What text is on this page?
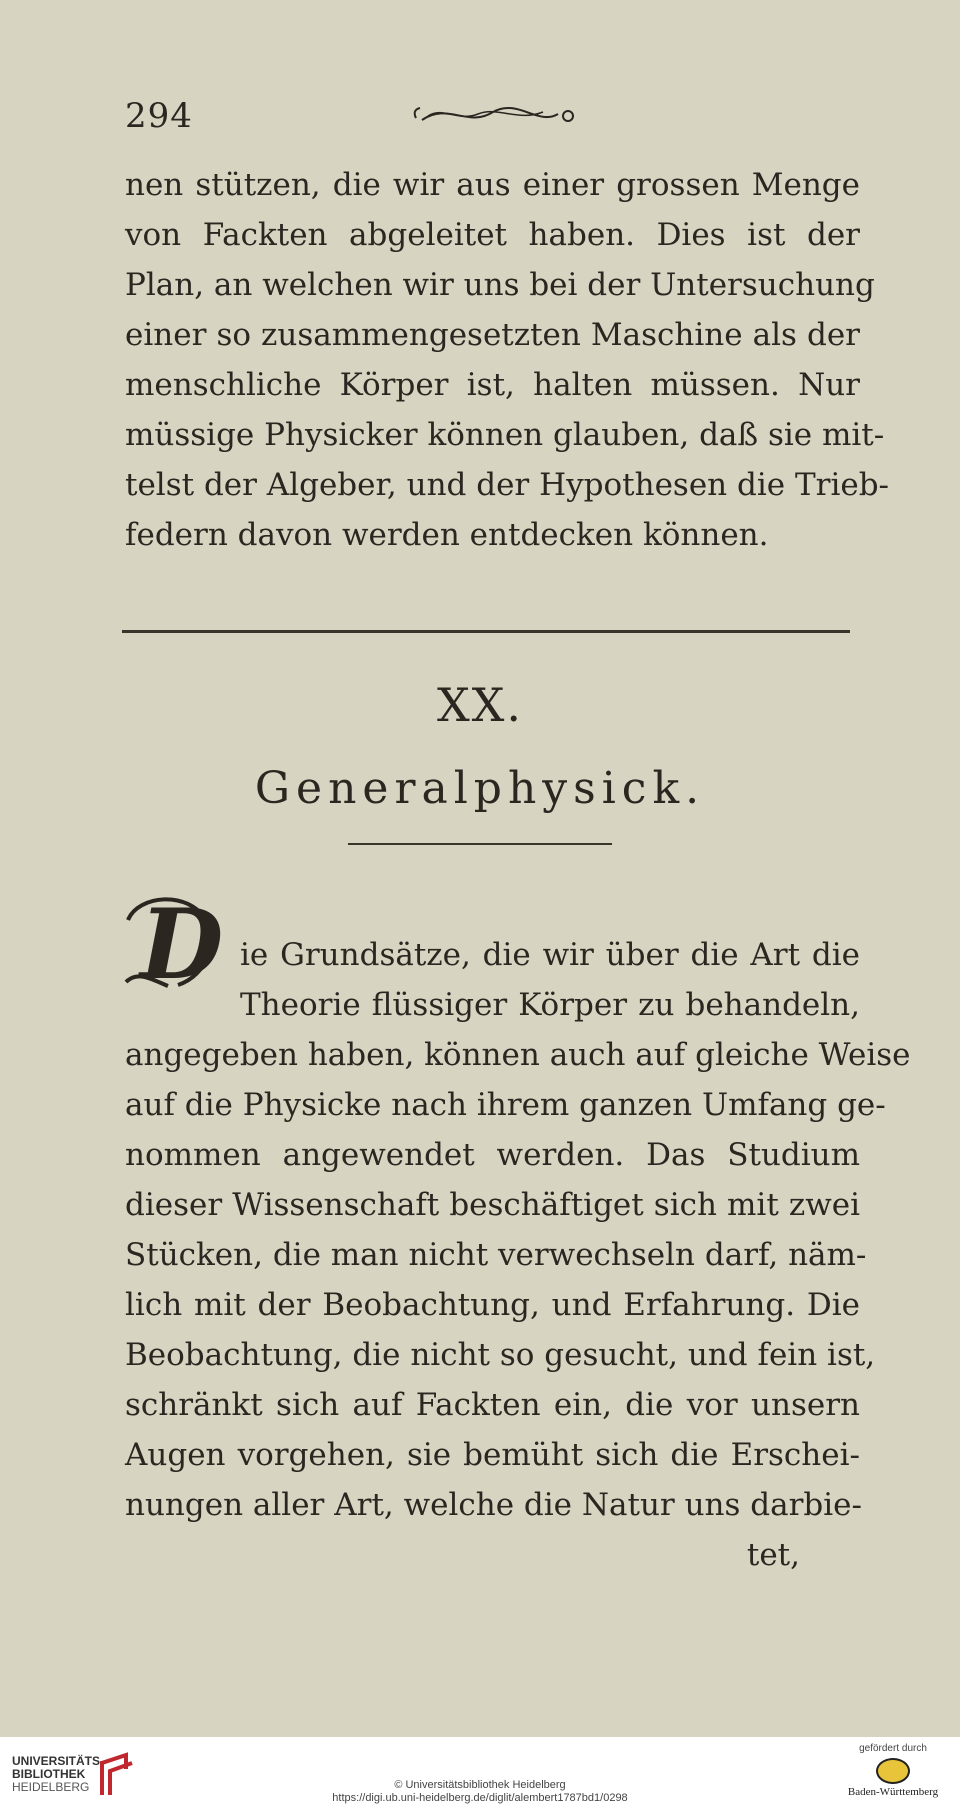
294
nen stützen, die wir aus einer grossen Menge
von Fackten abgeleitet haben. Dies ist der
Plan, an welchen wir uns bei der Untersuchung
einer so zusammengesetzten Maschine als der
menschliche Körper ist, halten müssen. Nur
müssige Physicker können glauben, daß sie mit-
telst der Algeber, und der Hypothesen die Trieb-
federn davon werden entdecken können.
XX.
Generalphysick.
D ie Grundsätze, die wir über die Art die
Theorie flüssiger Körper zu behandeln,
angegeben haben, können auch auf gleiche Weise
auf die Physicke nach ihrem ganzen Umfang ge-
nommen angewendet werden. Das Studium
dieser Wissenschaft beschäftiget sich mit zwei
Stücken, die man nicht verwechseln darf, näm-
lich mit der Beobachtung, und Erfahrung. Die
Beobachtung, die nicht so gesucht, und fein ist,
schränkt sich auf Fackten ein, die vor unsern
Augen vorgehen, sie bemüht sich die Erschei-
nungen aller Art, welche die Natur uns darbie-
tet,
UNIVERSITÄTS-
BIBLIOTHEK
HEIDELBERG	© Universitätsbibliothek Heidelberg
https://digi.ub.uni-heidelberg.de/diglit/alembert1787bd1/0298
gefördert durch
Baden-Württemberg
